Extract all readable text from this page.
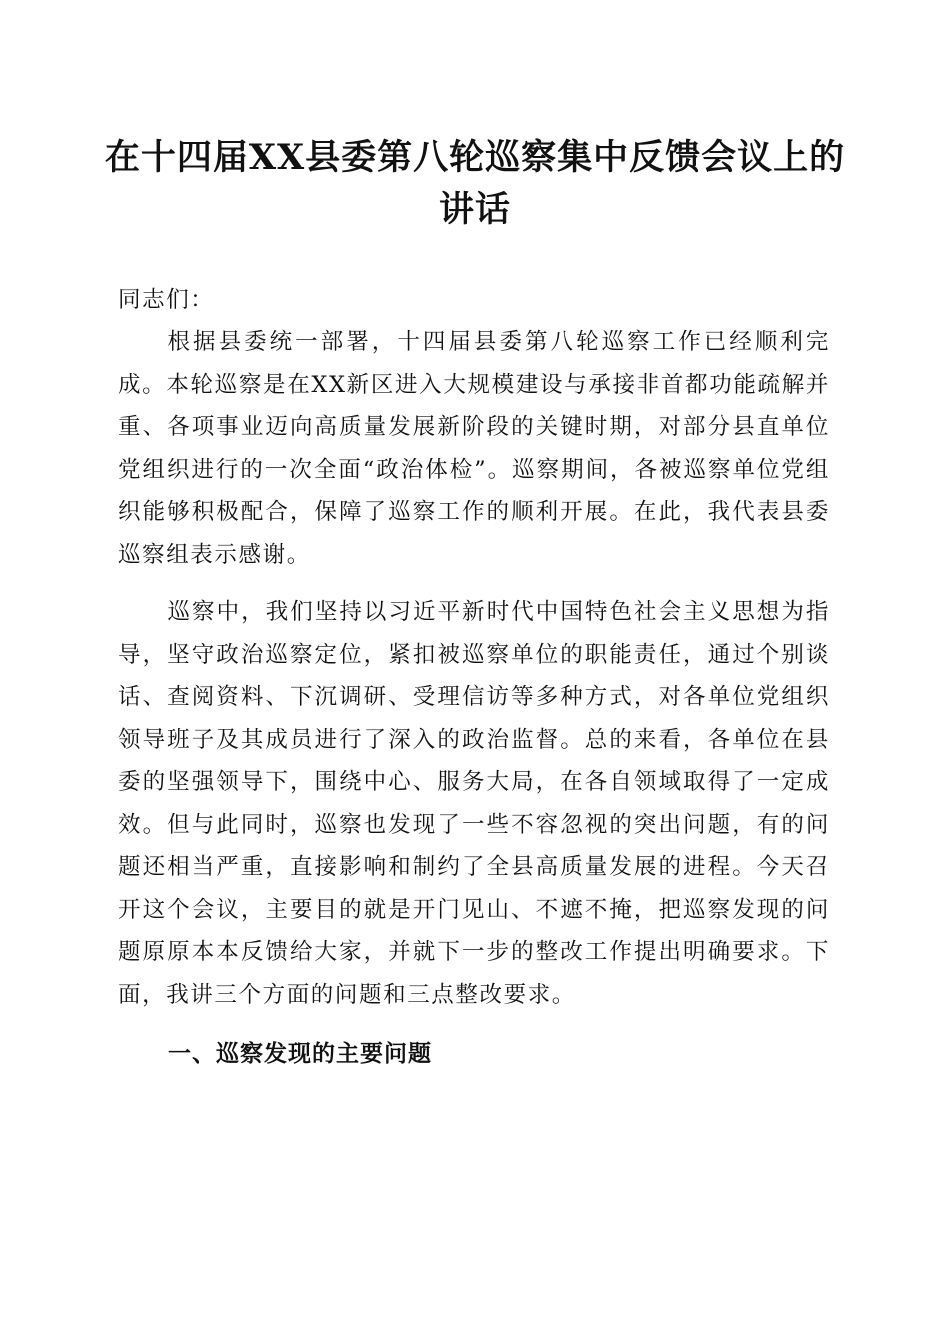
在十四届XX县委第八轮巡察集中反馈会议上的讲话

同志们：

根据县委统一部署，十四届县委第八轮巡察工作已经顺利完成。本轮巡察是在XX新区进入大规模建设与承接非首都功能疏解并重、各项事业迈向高质量发展新阶段的关键时期，对部分县直单位党组织进行的一次全面“政治体检”。巡察期间，各被巡察单位党组织能够积极配合，保障了巡察工作的顺利开展。在此，我代表县委巡察组表示感谢。

巡察中，我们坚持以习近平新时代中国特色社会主义思想为指导，坚守政治巡察定位，紧扣被巡察单位的职能责任，通过个别谈话、查阅资料、下沉调研、受理信访等多种方式，对各单位党组织领导班子及其成员进行了深入的政治监督。总的来看，各单位在县委的坚强领导下，围绕中心、服务大局，在各自领域取得了一定成效。但与此同时，巡察也发现了一些不容忽视的突出问题，有的问题还相当严重，直接影响和制约了全县高质量发展的进程。今天召开这个会议，主要目的就是开门见山、不遮不掩，把巡察发现的问题原原本本反馈给大家，并就下一步的整改工作提出明确要求。下面，我讲三个方面的问题和三点整改要求。

一、巡察发现的主要问题
